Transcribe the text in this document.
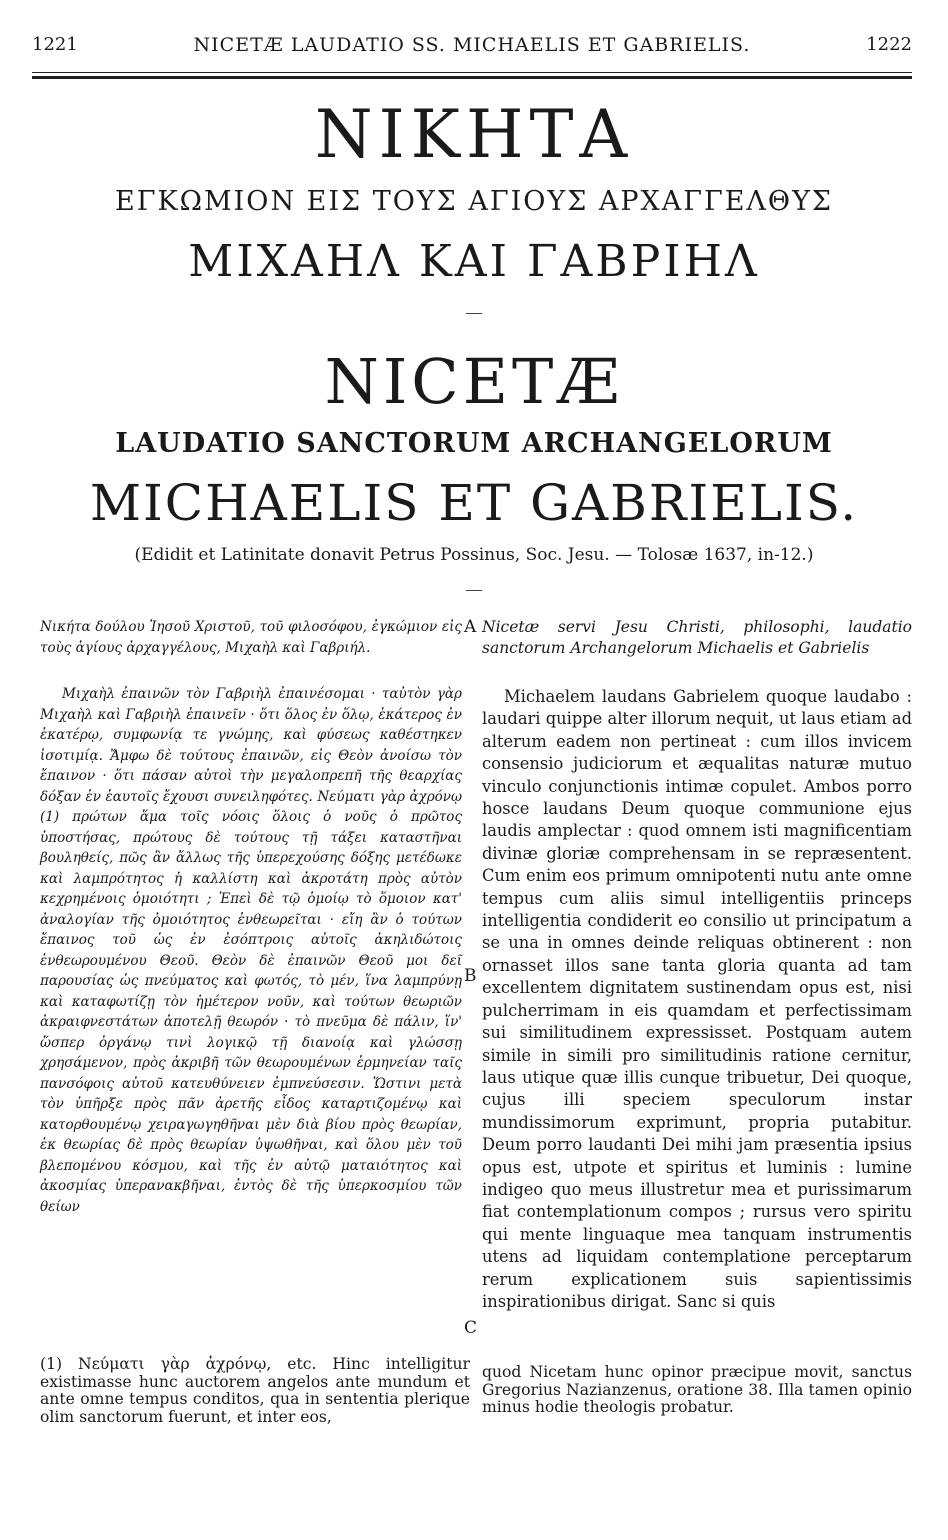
1221	NICETÆ LAUDATIO SS. MICHAELIS ET GABRIELIS.	1222
ΝΙΚΗΤΑ
ΕΓΚΩΜΙΟΝ ΕΙΣ ΤΟΥΣ ΑΓΙΟΥΣ ΑΡΧΑΓΓΕΛΘΥΣ
ΜΙΧΑΗΛ ΚΑΙ ΓΑΒΡΙΗΛ
NICETÆ
LAUDATIO SANCTORUM ARCHANGELORUM
MICHAELIS ET GABRIELIS.
(Edidit et Latinitate donavit Petrus Possinus, Soc. Jesu. — Tolosæ 1637, in-12.)

Νικήτα δούλου Ἰησοῦ Χριστοῦ, τοῦ φιλοσόφου, ἐγκώμιον εἰς τοὺς ἁγίους ἀρχαγγέλους, Μιχαὴλ καὶ Γαβριήλ.

Nicetæ servi Jesu Christi, philosophi, laudatio sanctorum Archangelorum Michaelis et Gabrielis

A
B
C

Μιχαὴλ ἐπαινῶν τὸν Γαβριὴλ ἐπαινέσομαι · ταὐτὸν γὰρ Μιχαὴλ καὶ Γαβριὴλ ἐπαινεῖν · ὅτι ὅλος ἐν ὅλῳ, ἑκάτερος ἐν ἑκατέρῳ, συμφωνίᾳ τε γνώμης, καὶ φύσεως καθέστηκεν ἰσοτιμίᾳ. Ἄμφω δὲ τούτους ἐπαινῶν, εἰς Θεὸν ἀνοίσω τὸν ἔπαινον · ὅτι πάσαν αὐτοὶ τὴν μεγαλοπρεπῆ τῆς θεαρχίας δόξαν ἐν ἑαυτοῖς ἔχουσι συνειληφότες. Νεύματι γὰρ ἀχρόνῳ (1) πρώτων ἅμα τοῖς νόοις ὅλοις ὁ νοῦς ὁ πρῶτος ὑποστήσας, πρώτους δὲ τούτους τῇ τάξει καταστῆναι βουληθείς, πῶς ἂν ἄλλως τῆς ὑπερεχούσης δόξης μετέδωκε καὶ λαμπρότητος ἡ καλλίστη καὶ ἀκροτάτη πρὸς αὐτὸν κεχρημένοις ὁμοιότητι ; Ἐπεὶ δὲ τῷ ὁμοίῳ τὸ ὅμοιον κατ' ἀναλογίαν τῆς ὁμοιότητος ἐνθεωρεῖται · εἴη ἂν ὁ τούτων ἔπαινος τοῦ ὡς ἐν ἐσόπτροις αὐτοῖς ἀκηλιδώτοις ἐνθεωρουμένου Θεοῦ. Θεὸν δὲ ἐπαινῶν Θεοῦ μοι δεῖ παρουσίας ὡς πνεύματος καὶ φωτός, τὸ μέν, ἵνα λαμπρύνῃ καὶ καταφωτίζῃ τὸν ἡμέτερον νοῦν, καὶ τούτων θεωριῶν ἀκραιφνεστάτων ἀποτελῇ θεωρόν · τὸ πνεῦμα δὲ πάλιν, ἵν' ὥσπερ ὀργάνῳ τινὶ λογικῷ τῇ διανοίᾳ καὶ γλώσσῃ χρησάμενον, πρὸς ἀκριβῆ τῶν θεωρουμένων ἑρμηνείαν ταῖς πανσόφοις αὐτοῦ κατευθύνειεν ἐμπνεύσεσιν. Ὥστινι μετὰ τὸν ὑπῆρξε πρὸς πᾶν ἀρετῆς εἶδος καταρτιζομένῳ καὶ κατορθουμένῳ χειραγωγηθῆναι μὲν διὰ βίου πρὸς θεωρίαν, ἐκ θεωρίας δὲ πρὸς θεωρίαν ὑψωθῆναι, καὶ ὅλου μὲν τοῦ βλεπομένου κόσμου, καὶ τῆς ἐν αὐτῷ ματαιότητος καὶ ἀκοσμίας ὑπερανακβῆναι, ἐντὸς δὲ τῆς ὑπερκοσμίου τῶν θείων

Michaelem laudans Gabrielem quoque laudabo : laudari quippe alter illorum nequit, ut laus etiam ad alterum eadem non pertineat : cum illos invicem consensio judiciorum et æqualitas naturæ mutuo vinculo conjunctionis intimæ copulet. Ambos porro hosce laudans Deum quoque communione ejus laudis amplectar : quod omnem isti magnificentiam divinæ gloriæ comprehensam in se repræsentent. Cum enim eos primum omnipotenti nutu ante omne tempus cum aliis simul intelligentiis princeps intelligentia condiderit eo consilio ut principatum a se una in omnes deinde reliquas obtinerent : non ornasset illos sane tanta gloria quanta ad tam excellentem dignitatem sustinendam opus est, nisi pulcherrimam in eis quamdam et perfectissimam sui similitudinem expressisset. Postquam autem simile in simili pro similitudinis ratione cernitur, laus utique quæ illis cunque tribuetur, Dei quoque, cujus illi speciem speculorum instar mundissimorum exprimunt, propria putabitur. Deum porro laudanti Dei mihi jam præsentia ipsius opus est, utpote et spiritus et luminis : lumine indigeo quo meus illustretur mea et purissimarum fiat contemplationum compos ; rursus vero spiritu qui mente linguaque mea tanquam instrumentis utens ad liquidam contemplatione perceptarum rerum explicationem suis sapientissimis inspirationibus dirigat. Sanc si quis

(1) Νεύματι γὰρ ἀχρόνῳ, etc. Hinc intelligitur existimasse hunc auctorem angelos ante mundum et ante omne tempus conditos, qua in sententia plerique olim sanctorum fuerunt, et inter eos,

quod Nicetam hunc opinor præcipue movit, sanctus Gregorius Nazianzenus, oratione 38. Illa tamen opinio minus hodie theologis probatur.
